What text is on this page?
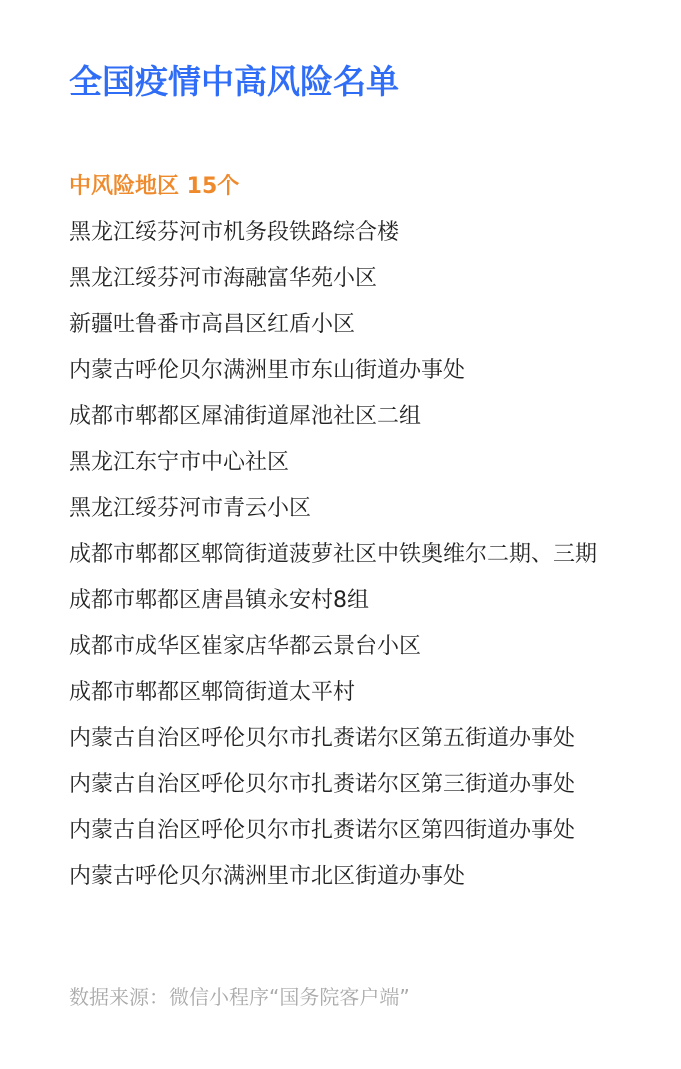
全国疫情中高风险名单
中风险地区 15个
黑龙江绥芬河市机务段铁路综合楼
黑龙江绥芬河市海融富华苑小区
新疆吐鲁番市高昌区红盾小区
内蒙古呼伦贝尔满洲里市东山街道办事处
成都市郫都区犀浦街道犀池社区二组
黑龙江东宁市中心社区
黑龙江绥芬河市青云小区
成都市郫都区郫筒街道菠萝社区中铁奥维尔二期、三期
成都市郫都区唐昌镇永安村8组
成都市成华区崔家店华都云景台小区
成都市郫都区郫筒街道太平村
内蒙古自治区呼伦贝尔市扎赉诺尔区第五街道办事处
内蒙古自治区呼伦贝尔市扎赉诺尔区第三街道办事处
内蒙古自治区呼伦贝尔市扎赉诺尔区第四街道办事处
内蒙古呼伦贝尔满洲里市北区街道办事处

数据来源：微信小程序“国务院客户端”
